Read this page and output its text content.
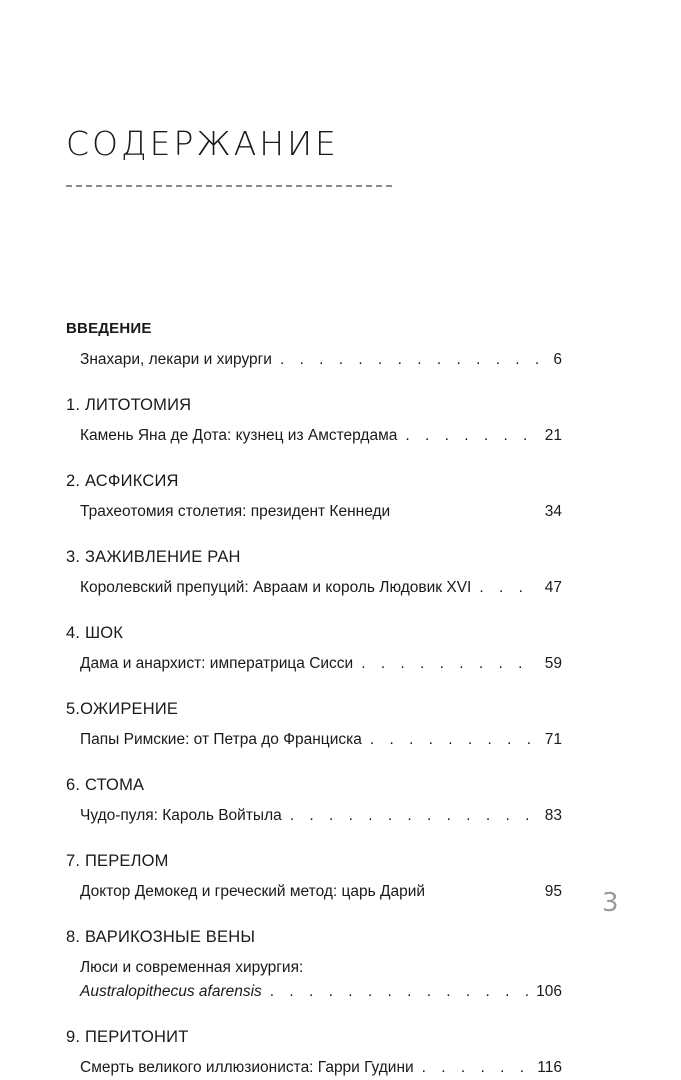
СОДЕРЖАНИЕ
ВВЕДЕНИЕ
Знахари, лекари и хирурги . . .	6
1. ЛИТОТОМИЯ
Камень Яна де Дота: кузнец из Амстердама . . .	21
2. АСФИКСИЯ
Трахеотомия столетия: президент Кеннеди	34
3. ЗАЖИВЛЕНИЕ РАН
Королевский препуций: Авраам и король Людовик XVI . . .	47
4. ШОК
Дама и анархист: императрица Сисси . . .	59
5.ОЖИРЕНИЕ
Папы Римские: от Петра до Франциска . . .	71
6. СТОМА
Чудо-пуля: Кароль Войтыла . . .	83
7. ПЕРЕЛОМ
Доктор Демокед и греческий метод: царь Дарий	95
8. ВАРИКОЗНЫЕ ВЕНЫ
Люси и современная хирургия:
Australopithecus afarensis . . .	106
9. ПЕРИТОНИТ
Смерть великого иллюзиониста: Гарри Гудини . . .	116
3
